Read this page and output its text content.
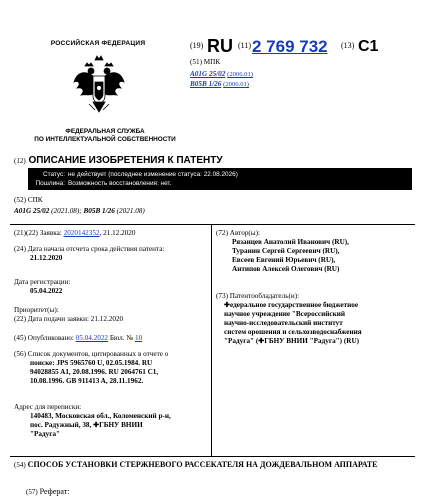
РОССИЙСКАЯ ФЕДЕРАЦИЯ
ФЕДЕРАЛЬНАЯ СЛУЖБА
ПО ИНТЕЛЛЕКТУАЛЬНОЙ СОБСТВЕННОСТИ
(19) RU (11) 2 769 732 (13) C1
(51) МПК
A01G 25/02 (2006.01)
B05B 1/26 (2006.01)
(12) ОПИСАНИЕ ИЗОБРЕТЕНИЯ К ПАТЕНТУ
Статус: не действует (последнее изменение статуса: 22.08.2026)
Пошлина: Возможность восстановления: нет.
(52) СПК
A01G 25/02 (2021.08); B05B 1/26 (2021.08)
(21)(22) Заявка: 2020142352, 21.12.2020
(24) Дата начала отсчета срока действия патента:
21.12.2020
Дата регистрации:
05.04.2022
Приоритет(ы):
(22) Дата подачи заявки: 21.12.2020
(45) Опубликовано: 05.04.2022 Бюл. № 10
(56) Список документов, цитированных в отчете о
поиске: JPS 5965760 U, 02.05.1984. RU
94028855 A1, 20.08.1996. RU 2064761 C1,
10.08.1996. GB 911413 A, 28.11.1962.
Адрес для переписки:
140483, Московская обл., Коломенский р-н,
пос. Радужный, 38, ✚ГБНУ ВНИИ
"Радуга"
(72) Автор(ы):
Рязанцев Анатолий Иванович (RU),
Туранин Сергей Сергеевич (RU),
Евсеев Евгений Юрьевич (RU),
Антипов Алексей Олегович (RU)
(73) Патентообладатель(и):
✚едеральное государственное бюджетное
научное учреждение "Всероссийский
научно-исследовательский институт
систем орошения и сельхозводоснабжения
"Радуга" (✚ГБНУ ВНИИ "Радуга") (RU)
(54) СПОСОБ УСТАНОВКИ СТЕРЖНЕВОГО РАССЕКАТЕЛЯ НА ДОЖДЕВАЛЬНОМ АППАРАТЕ
(57) Реферат:
